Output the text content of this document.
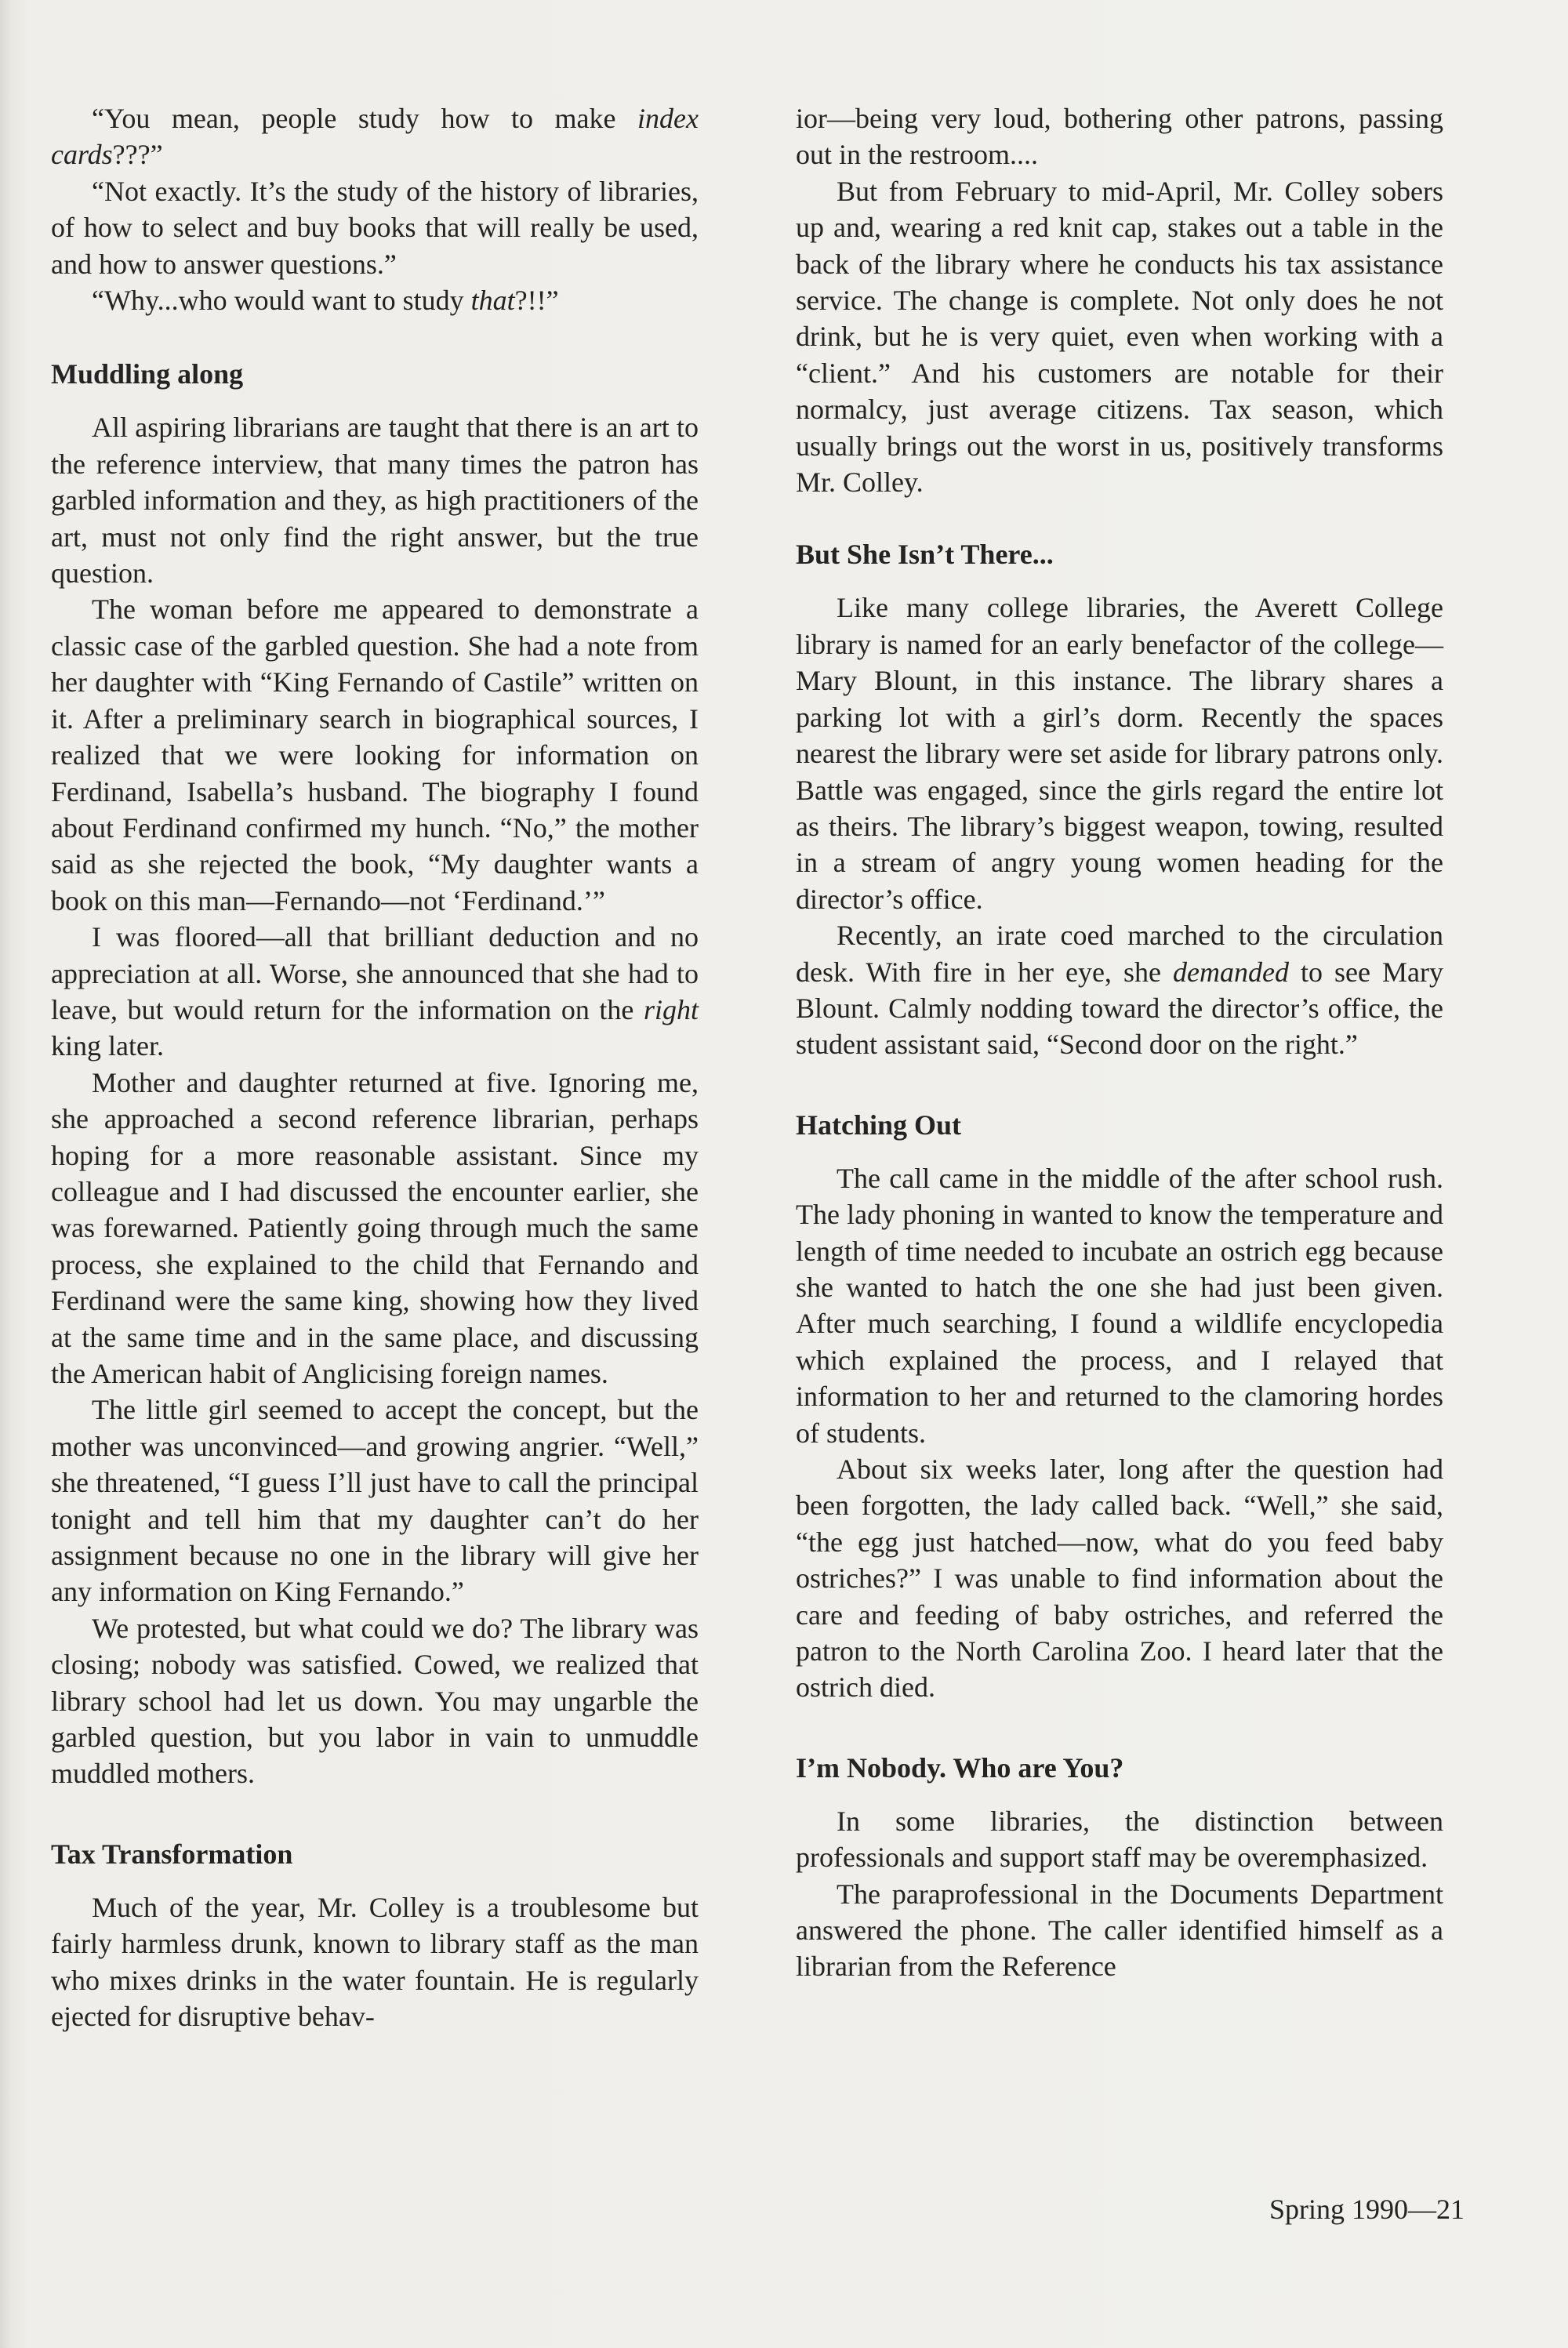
“You mean, people study how to make index cards???”

“Not exactly. It’s the study of the history of libraries, of how to select and buy books that will really be used, and how to answer questions.”

“Why...who would want to study that?!!”

Muddling along

All aspiring librarians are taught that there is an art to the reference interview, that many times the patron has garbled information and they, as high practitioners of the art, must not only find the right answer, but the true question.

The woman before me appeared to demonstrate a classic case of the garbled question. She had a note from her daughter with “King Fernando of Castile” written on it. After a preliminary search in biographical sources, I realized that we were looking for information on Ferdinand, Isabella’s husband. The biography I found about Ferdinand confirmed my hunch. “No,” the mother said as she rejected the book, “My daughter wants a book on this man—Fernando—not ‘Ferdinand.’”

I was floored—all that brilliant deduction and no appreciation at all. Worse, she announced that she had to leave, but would return for the information on the right king later.

Mother and daughter returned at five. Ignoring me, she approached a second reference librarian, perhaps hoping for a more reasonable assistant. Since my colleague and I had discussed the encounter earlier, she was forewarned. Patiently going through much the same process, she explained to the child that Fernando and Ferdinand were the same king, showing how they lived at the same time and in the same place, and discussing the American habit of Anglicising foreign names.

The little girl seemed to accept the concept, but the mother was unconvinced—and growing angrier. “Well,” she threatened, “I guess I’ll just have to call the principal tonight and tell him that my daughter can’t do her assignment because no one in the library will give her any information on King Fernando.”

We protested, but what could we do? The library was closing; nobody was satisfied. Cowed, we realized that library school had let us down. You may ungarble the garbled question, but you labor in vain to unmuddle muddled mothers.

Tax Transformation

Much of the year, Mr. Colley is a troublesome but fairly harmless drunk, known to library staff as the man who mixes drinks in the water fountain. He is regularly ejected for disruptive behav-

ior—being very loud, bothering other patrons, passing out in the restroom....

But from February to mid-April, Mr. Colley sobers up and, wearing a red knit cap, stakes out a table in the back of the library where he conducts his tax assistance service. The change is complete. Not only does he not drink, but he is very quiet, even when working with a “client.” And his customers are notable for their normalcy, just average citizens. Tax season, which usually brings out the worst in us, positively transforms Mr. Colley.

But She Isn’t There...

Like many college libraries, the Averett College library is named for an early benefactor of the college—Mary Blount, in this instance. The library shares a parking lot with a girl’s dorm. Recently the spaces nearest the library were set aside for library patrons only. Battle was engaged, since the girls regard the entire lot as theirs. The library’s biggest weapon, towing, resulted in a stream of angry young women heading for the director’s office.

Recently, an irate coed marched to the circulation desk. With fire in her eye, she demanded to see Mary Blount. Calmly nodding toward the director’s office, the student assistant said, “Second door on the right.”

Hatching Out

The call came in the middle of the after school rush. The lady phoning in wanted to know the temperature and length of time needed to incubate an ostrich egg because she wanted to hatch the one she had just been given. After much searching, I found a wildlife encyclopedia which explained the process, and I relayed that information to her and returned to the clamoring hordes of students.

About six weeks later, long after the question had been forgotten, the lady called back. “Well,” she said, “the egg just hatched—now, what do you feed baby ostriches?” I was unable to find information about the care and feeding of baby ostriches, and referred the patron to the North Carolina Zoo. I heard later that the ostrich died.

I’m Nobody. Who are You?

In some libraries, the distinction between professionals and support staff may be overemphasized.

The paraprofessional in the Documents Department answered the phone. The caller identified himself as a librarian from the Reference

Spring 1990—21
